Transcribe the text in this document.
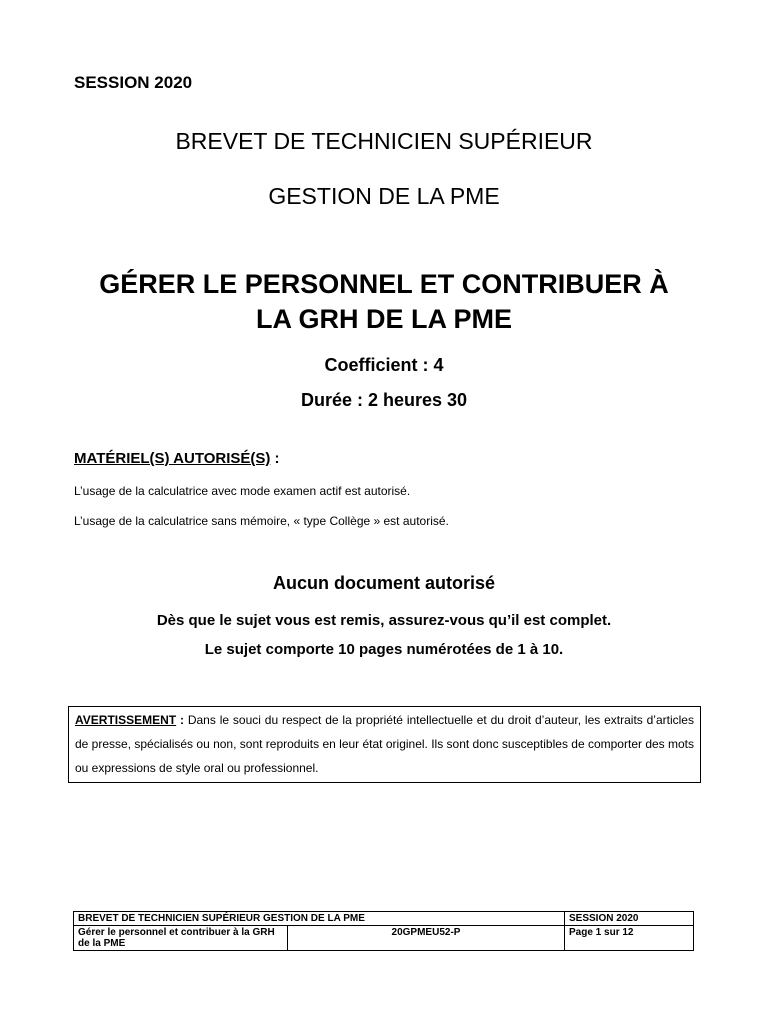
SESSION 2020
BREVET DE TECHNICIEN SUPÉRIEUR
GESTION DE LA PME
GÉRER LE PERSONNEL ET CONTRIBUER À
LA GRH DE LA PME
Coefficient : 4
Durée : 2 heures 30
MATÉRIEL(S) AUTORISÉ(S) :
L’usage de la calculatrice avec mode examen actif est autorisé.
L’usage de la calculatrice sans mémoire, « type Collège » est autorisé.
Aucun document autorisé
Dès que le sujet vous est remis, assurez-vous qu’il est complet.
Le sujet comporte 10 pages numérotées de 1 à 10.
AVERTISSEMENT : Dans le souci du respect de la propriété intellectuelle et du droit d’auteur, les extraits d’articles de presse, spécialisés ou non, sont reproduits en leur état originel. Ils sont donc susceptibles de comporter des mots ou expressions de style oral ou professionnel.
BREVET DE TECHNICIEN SUPÉRIEUR GESTION DE LA PME		SESSION 2020
Gérer le personnel et contribuer à la GRH de la PME	20GPMEU52-P	Page 1 sur 12
